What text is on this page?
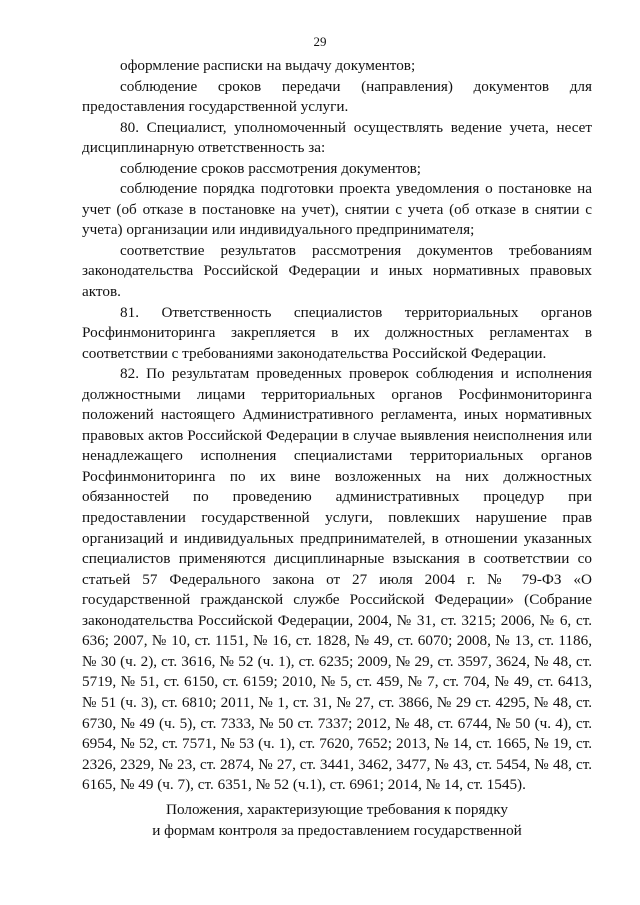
29

оформление расписки на выдачу документов;

соблюдение сроков передачи (направления) документов для предоставления государственной услуги.

80. Специалист, уполномоченный осуществлять ведение учета, несет дисциплинарную ответственность за:

соблюдение сроков рассмотрения документов;

соблюдение порядка подготовки проекта уведомления о постановке на учет (об отказе в постановке на учет), снятии с учета (об отказе в снятии с учета) организации или индивидуального предпринимателя;

соответствие результатов рассмотрения документов требованиям законодательства Российской Федерации и иных нормативных правовых актов.

81. Ответственность специалистов территориальных органов Росфинмониторинга закрепляется в их должностных регламентах в соответствии с требованиями законодательства Российской Федерации.

82. По результатам проведенных проверок соблюдения и исполнения должностными лицами территориальных органов Росфинмониторинга положений настоящего Административного регламента, иных нормативных правовых актов Российской Федерации в случае выявления неисполнения или ненадлежащего исполнения специалистами территориальных органов Росфинмониторинга по их вине возложенных на них должностных обязанностей по проведению административных процедур при предоставлении государственной услуги, повлекших нарушение прав организаций и индивидуальных предпринимателей, в отношении указанных специалистов применяются дисциплинарные взыскания в соответствии со статьей 57 Федерального закона от 27 июля 2004 г. № 79-ФЗ «О государственной гражданской службе Российской Федерации» (Собрание законодательства Российской Федерации, 2004, № 31, ст. 3215; 2006, № 6, ст. 636; 2007, № 10, ст. 1151, № 16, ст. 1828, № 49, ст. 6070; 2008, № 13, ст. 1186, № 30 (ч. 2), ст. 3616, № 52 (ч. 1), ст. 6235; 2009, № 29, ст. 3597, 3624, № 48, ст. 5719, № 51, ст. 6150, ст. 6159; 2010, № 5, ст. 459, № 7, ст. 704, № 49, ст. 6413, № 51 (ч. 3), ст. 6810; 2011, № 1, ст. 31, № 27, ст. 3866, № 29 ст. 4295, № 48, ст. 6730, № 49 (ч. 5), ст. 7333, № 50 ст. 7337; 2012, № 48, ст. 6744, № 50 (ч. 4), ст. 6954, № 52, ст. 7571, № 53 (ч. 1), ст. 7620, 7652; 2013, № 14, ст. 1665, № 19, ст. 2326, 2329, № 23, ст. 2874, № 27, ст. 3441, 3462, 3477, № 43, ст. 5454, № 48, ст. 6165, № 49 (ч. 7), ст. 6351, № 52 (ч.1), ст. 6961; 2014, № 14, ст. 1545).

Положения, характеризующие требования к порядку
и формам контроля за предоставлением государственной
